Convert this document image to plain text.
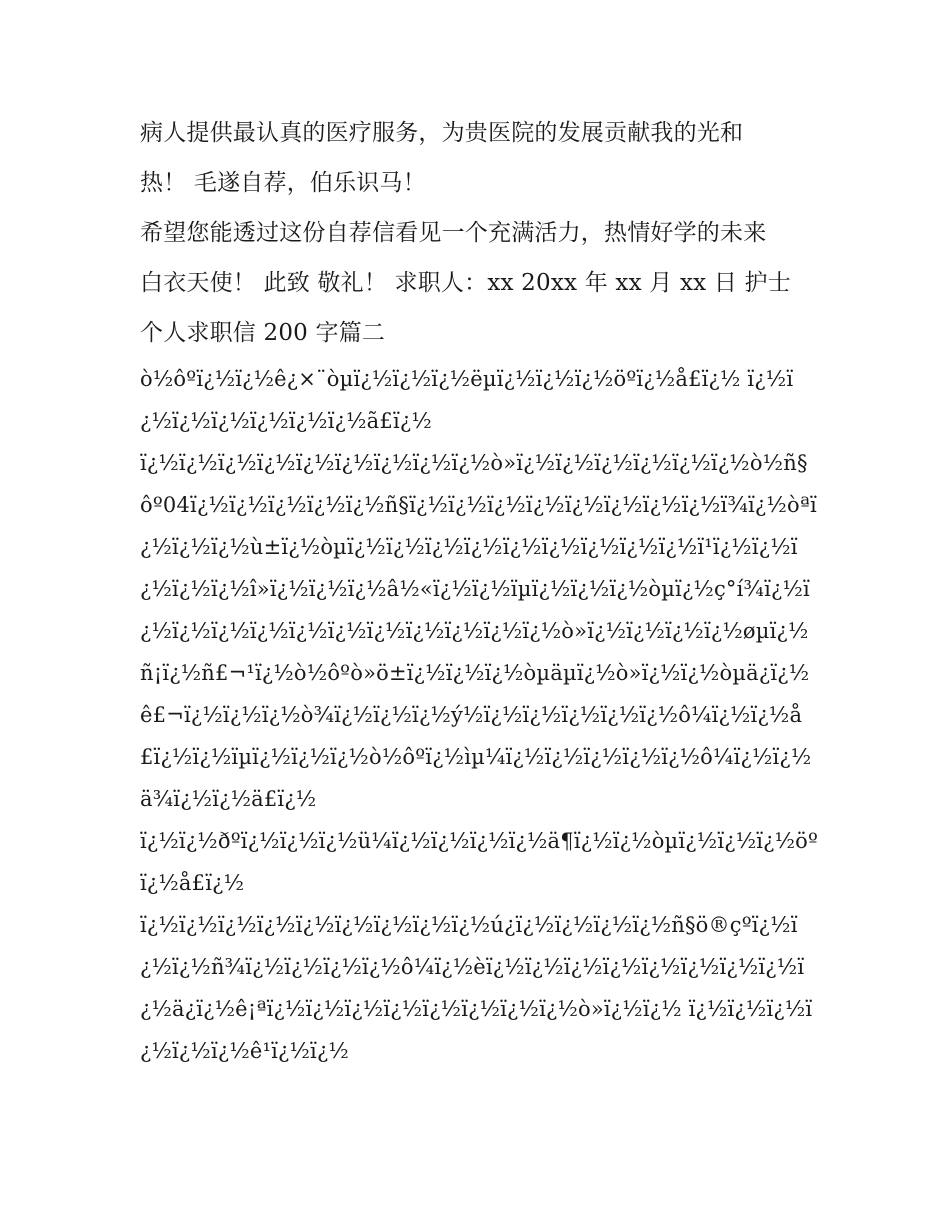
病人提供最认真的医疗服务，为贵医院的发展贡献我的光和

热！ 毛遂自荐，伯乐识马！

希望您能透过这份自荐信看见一个充满活力，热情好学的未来

白衣天使！ 此致 敬礼！ 求职人：xx 20xx 年 xx 月 xx 日 护士

个人求职信 200 字篇二

ò½ôºï¿½ï¿½ê¿×¨òµï¿½ï¿½ï¿½ëµï¿½ï¿½ï¿½öºï¿½å£ï¿½ ï¿½ï¿½ï¿½ï¿½ï¿½ï¿½ï¿½ã£ï¿½

ï¿½ï¿½ï¿½ï¿½ï¿½ï¿½ï¿½ï¿½ï¿½ò»ï¿½ï¿½ï¿½ï¿½ï¿½ï¿½ò½ñ§ôº04ï¿½ï¿½ï¿½ï¿½ï¿½ñ§ï¿½ï¿½ï¿½ï¿½ï¿½ï¿½ï¿½ï¿½ï¾ï¿½òªï¿½ï¿½ï¿½ù±ï¿½òµï¿½ï¿½ï¿½ï¿½ï¿½ï¿½ï¿½ï¿½ï¿½ï¹ï¿½ï¿½ï¿½ï¿½ï¿½î»ï¿½ï¿½ï¿½â½«ï¿½ï¿½ïµï¿½ï¿½ï¿½òµï¿½ç°í¾ï¿½ï¿½ï¿½ï¿½ï¿½ï¿½ï¿½ï¿½ï¿½ï¿½ï¿½ï¿½ò»ï¿½ï¿½ï¿½ï¿½øµï¿½ñ¡ï¿½ñ£¬¹ï¿½ò½ôºò»ö±ï¿½ï¿½ï¿½òµäµï¿½ò»ï¿½ï¿½òµä¿ï¿½ê£¬ï¿½ï¿½ï¿½ò¾ï¿½ï¿½ï¿½ý½ï¿½ï¿½ï¿½ï¿½ï¿½ô¼ï¿½ï¿½å£ï¿½ï¿½ïµï¿½ï¿½ï¿½ò½ôºï¿½ìµ¼ï¿½ï¿½ï¿½ï¿½ï¿½ô¼ï¿½ï¿½ä¾ï¿½ï¿½ä£ï¿½

ï¿½ï¿½ðºï¿½ï¿½ï¿½ü¼ï¿½ï¿½ï¿½ï¿½ä¶ï¿½ï¿½òµï¿½ï¿½ï¿½öºï¿½å£ï¿½

ï¿½ï¿½ï¿½ï¿½ï¿½ï¿½ï¿½ï¿½ï¿½ú¿ï¿½ï¿½ï¿½ï¿½ñ§ö®çºï¿½ï¿½ï¿½ñ¾ï¿½ï¿½ï¿½ï¿½ô¼ï¿½èï¿½ï¿½ï¿½ï¿½ï¿½ï¿½ï¿½ï¿½ï¿½ä¿ï¿½ê¡ªï¿½ï¿½ï¿½ï¿½ï¿½ï¿½ï¿½ï¿½ò»ï¿½ï¿½ ï¿½ï¿½ï¿½ï¿½ï¿½ï¿½ê¹ï¿½ï¿½
